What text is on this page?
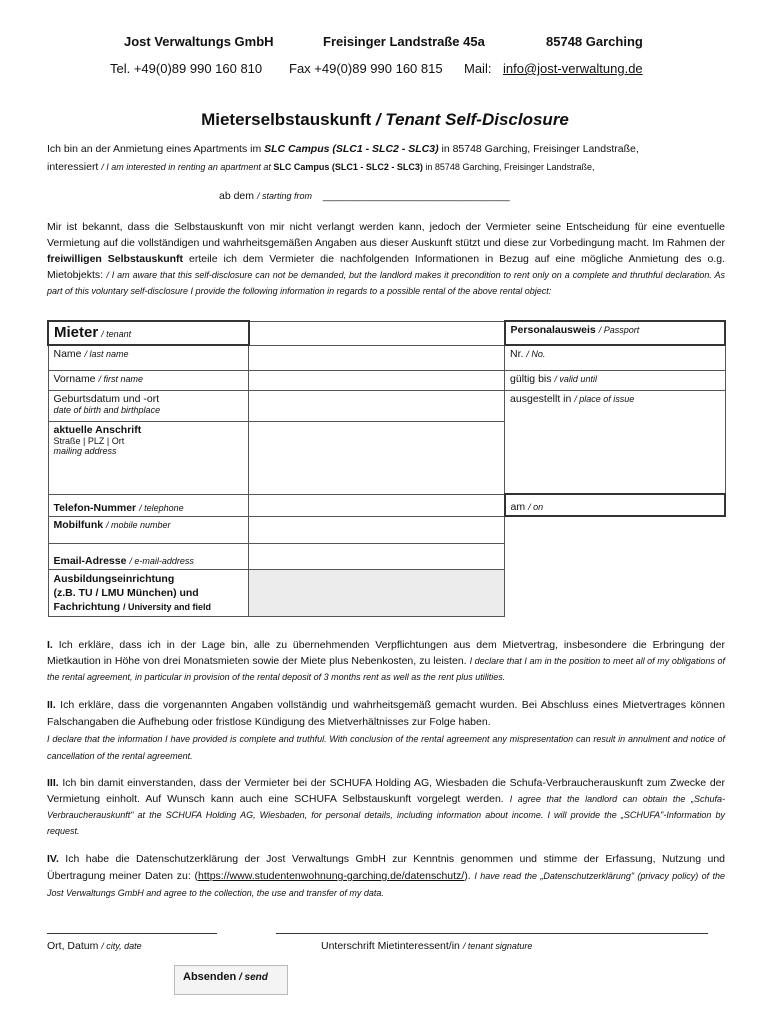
Jost Verwaltungs GmbH	Freisinger Landstraße 45a	85748 Garching
Tel. +49(0)89 990 160 810 Fax +49(0)89 990 160 815 Mail: info@jost-verwaltung.de
Mieterselbstauskunft / Tenant Self-Disclosure
Ich bin an der Anmietung eines Apartments im SLC Campus (SLC1 - SLC2 - SLC3) in 85748 Garching, Freisinger Landstraße,
interessiert / I am interested in renting an apartment at SLC Campus (SLC1 - SLC2 - SLC3) in 85748 Garching, Freisinger Landstraße,
ab dem / starting from ________________________________
Mir ist bekannt, dass die Selbstauskunft von mir nicht verlangt werden kann, jedoch der Vermieter seine Entscheidung für eine eventuelle Vermietung auf die vollständigen und wahrheitsgemäßen Angaben aus dieser Auskunft stützt und diese zur Vorbedingung macht. Im Rahmen der freiwilligen Selbstauskunft erteile ich dem Vermieter die nachfolgenden Informationen in Bezug auf eine mögliche Anmietung des o.g. Mietobjekts: / I am aware that this self-disclosure can not be demanded, but the landlord makes it precondition to rent only on a complete and thruthful declaration. As part of this voluntary self-disclosure I provide the following information in regards to a possible rental of the above rental object:
Mieter / tenant		Personalausweis / Passport
Name / last name		Nr. / No.
Vorname / first name		gültig bis / valid until

Geburtsdatum und -ort
date of birth and birthplace		ausgestellt in / place of issue

aktuelle Anschrift
Straße | PLZ | Ort
mailing address		

Telefon-Nummer / telephone		am / on
Mobilfunk / mobile number		
Email-Adresse / e-mail-address		

Ausbildungseinrichtung
(z.B. TU / LMU München) und
Fachrichtung / University and field		

I. Ich erkläre, dass ich in der Lage bin, alle zu übernehmenden Verpflichtungen aus dem Mietvertrag, insbesondere die Erbringung der Mietkaution in Höhe von drei Monatsmieten sowie der Miete plus Nebenkosten, zu leisten. I declare that I am in the position to meet all of my obligations of the rental agreement, in particular in provision of the rental deposit of 3 months rent as well as the rent plus utilities.
II. Ich erkläre, dass die vorgenannten Angaben vollständig und wahrheitsgemäß gemacht wurden. Bei Abschluss eines Mietvertrages können Falschangaben die Aufhebung oder fristlose Kündigung des Mietverhältnisses zur Folge haben.
I declare that the information I have provided is complete and truthful. With conclusion of the rental agreement any mispresentation can result in annulment and notice of cancellation of the rental agreement.
III. Ich bin damit einverstanden, dass der Vermieter bei der SCHUFA Holding AG, Wiesbaden die Schufa-Verbraucherauskunft zum Zwecke der Vermietung einholt. Auf Wunsch kann auch eine SCHUFA Selbstauskunft vorgelegt werden. I agree that the landlord can obtain the „Schufa-Verbraucherauskunft" at the SCHUFA Holding AG, Wiesbaden, for personal details, including information about income. I will provide the „SCHUFA"-Information by request.
IV. Ich habe die Datenschutzerklärung der Jost Verwaltungs GmbH zur Kenntnis genommen und stimme der Erfassung, Nutzung und Übertragung meiner Daten zu: (https://www.studentenwohnung-garching.de/datenschutz/). I have read the „Datenschutzerklärung" (privacy policy) of the Jost Verwaltungs GmbH and agree to the collection, the use and transfer of my data.
Ort, Datum / city, date	Unterschrift Mietinteressent/in / tenant signature
Absenden / send
